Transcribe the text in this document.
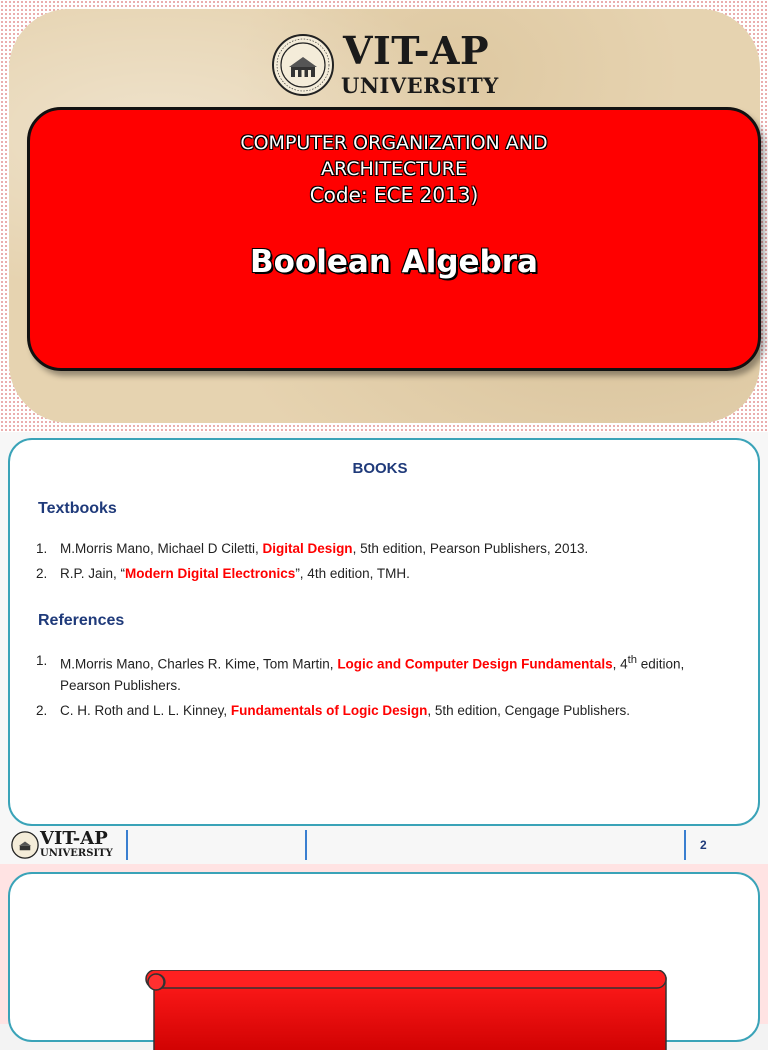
VIT-AP
UNIVERSITY
COMPUTER ORGANIZATION AND
ARCHITECTURE
Code: ECE 2013)
Boolean Algebra
BOOKS
Textbooks
1. M.Morris Mano, Michael D Ciletti, Digital Design, 5th edition, Pearson Publishers, 2013.
2. R.P. Jain, “Modern Digital Electronics”, 4th edition, TMH.
References
1. M.Morris Mano, Charles R. Kime, Tom Martin, Logic and Computer Design Fundamentals, 4th edition,
Pearson Publishers.
2. C. H. Roth and L. L. Kinney, Fundamentals of Logic Design, 5th edition, Cengage Publishers.
VIT-AP
UNIVERSITY
2
